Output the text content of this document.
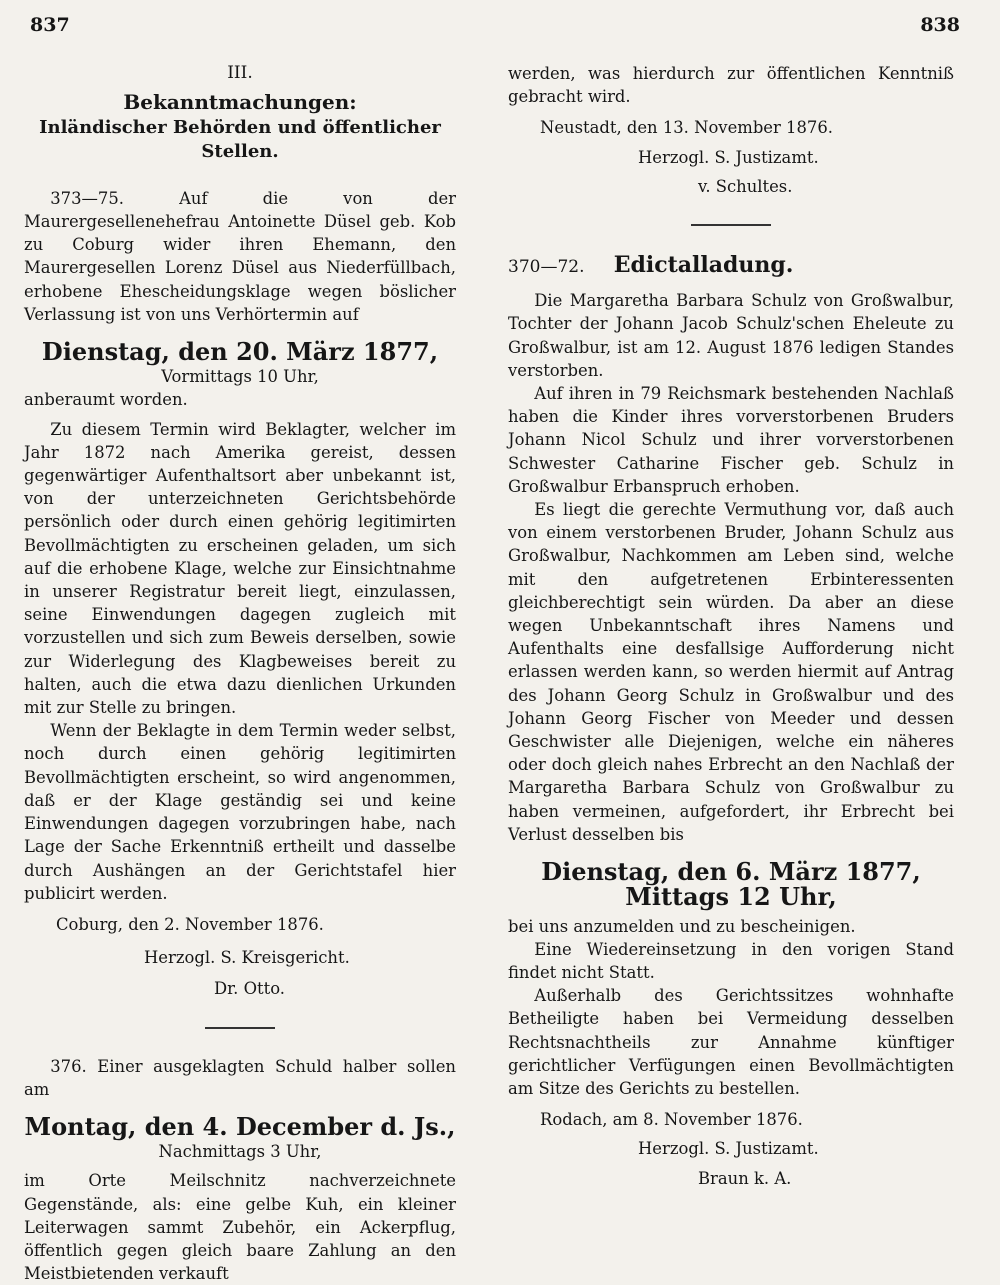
837	838
III.
Bekanntmachungen:
Inländischer Behörden und öffentlicher Stellen.

373—75. Auf die von der Maurergesellenehefrau Antoinette Düsel geb. Kob zu Coburg wider ihren Ehemann, den Maurergesellen Lorenz Düsel aus Niederfüllbach, erhobene Ehescheidungsklage wegen böslicher Verlassung ist von uns Verhörtermin auf

Dienstag, den 20. März 1877,
Vormittags 10 Uhr,

anberaumt worden.

Zu diesem Termin wird Beklagter, welcher im Jahr 1872 nach Amerika gereist, dessen gegenwärtiger Aufenthaltsort aber unbekannt ist, von der unterzeichneten Gerichtsbehörde persönlich oder durch einen gehörig legitimirten Bevollmächtigten zu erscheinen geladen, um sich auf die erhobene Klage, welche zur Einsichtnahme in unserer Registratur bereit liegt, einzulassen, seine Einwendungen dagegen zugleich mit vorzustellen und sich zum Beweis derselben, sowie zur Widerlegung des Klagbeweises bereit zu halten, auch die etwa dazu dienlichen Urkunden mit zur Stelle zu bringen.

Wenn der Beklagte in dem Termin weder selbst, noch durch einen gehörig legitimirten Bevollmächtigten erscheint, so wird angenommen, daß er der Klage geständig sei und keine Einwendungen dagegen vorzubringen habe, nach Lage der Sache Erkenntniß ertheilt und dasselbe durch Aushängen an der Gerichtstafel hier publicirt werden.

Coburg, den 2. November 1876.

Herzogl. S. Kreisgericht.

Dr. Otto.

376. Einer ausgeklagten Schuld halber sollen am

Montag, den 4. December d. Js.,
Nachmittags 3 Uhr,

im Orte Meilschnitz nachverzeichnete Gegenstände, als: eine gelbe Kuh, ein kleiner Leiterwagen sammt Zubehör, ein Ackerpflug, öffentlich gegen gleich baare Zahlung an den Meistbietenden verkauft

werden, was hierdurch zur öffentlichen Kenntniß gebracht wird.

Neustadt, den 13. November 1876.

Herzogl. S. Justizamt.

v. Schultes.

370—72. Edictalladung.

Die Margaretha Barbara Schulz von Großwalbur, Tochter der Johann Jacob Schulz'schen Eheleute zu Großwalbur, ist am 12. August 1876 ledigen Standes verstorben.

Auf ihren in 79 Reichsmark bestehenden Nachlaß haben die Kinder ihres vorverstorbenen Bruders Johann Nicol Schulz und ihrer vorverstorbenen Schwester Catharine Fischer geb. Schulz in Großwalbur Erbanspruch erhoben.

Es liegt die gerechte Vermuthung vor, daß auch von einem verstorbenen Bruder, Johann Schulz aus Großwalbur, Nachkommen am Leben sind, welche mit den aufgetretenen Erbinteressenten gleichberechtigt sein würden. Da aber an diese wegen Unbekanntschaft ihres Namens und Aufenthalts eine desfallsige Aufforderung nicht erlassen werden kann, so werden hiermit auf Antrag des Johann Georg Schulz in Großwalbur und des Johann Georg Fischer von Meeder und dessen Geschwister alle Diejenigen, welche ein näheres oder doch gleich nahes Erbrecht an den Nachlaß der Margaretha Barbara Schulz von Großwalbur zu haben vermeinen, aufgefordert, ihr Erbrecht bei Verlust desselben bis

Dienstag, den 6. März 1877,
Mittags 12 Uhr,

bei uns anzumelden und zu bescheinigen.

Eine Wiedereinsetzung in den vorigen Stand findet nicht Statt.

Außerhalb des Gerichtssitzes wohnhafte Betheiligte haben bei Vermeidung desselben Rechtsnachtheils zur Annahme künftiger gerichtlicher Verfügungen einen Bevollmächtigten am Sitze des Gerichts zu bestellen.

Rodach, am 8. November 1876.

Herzogl. S. Justizamt.

Braun k. A.
